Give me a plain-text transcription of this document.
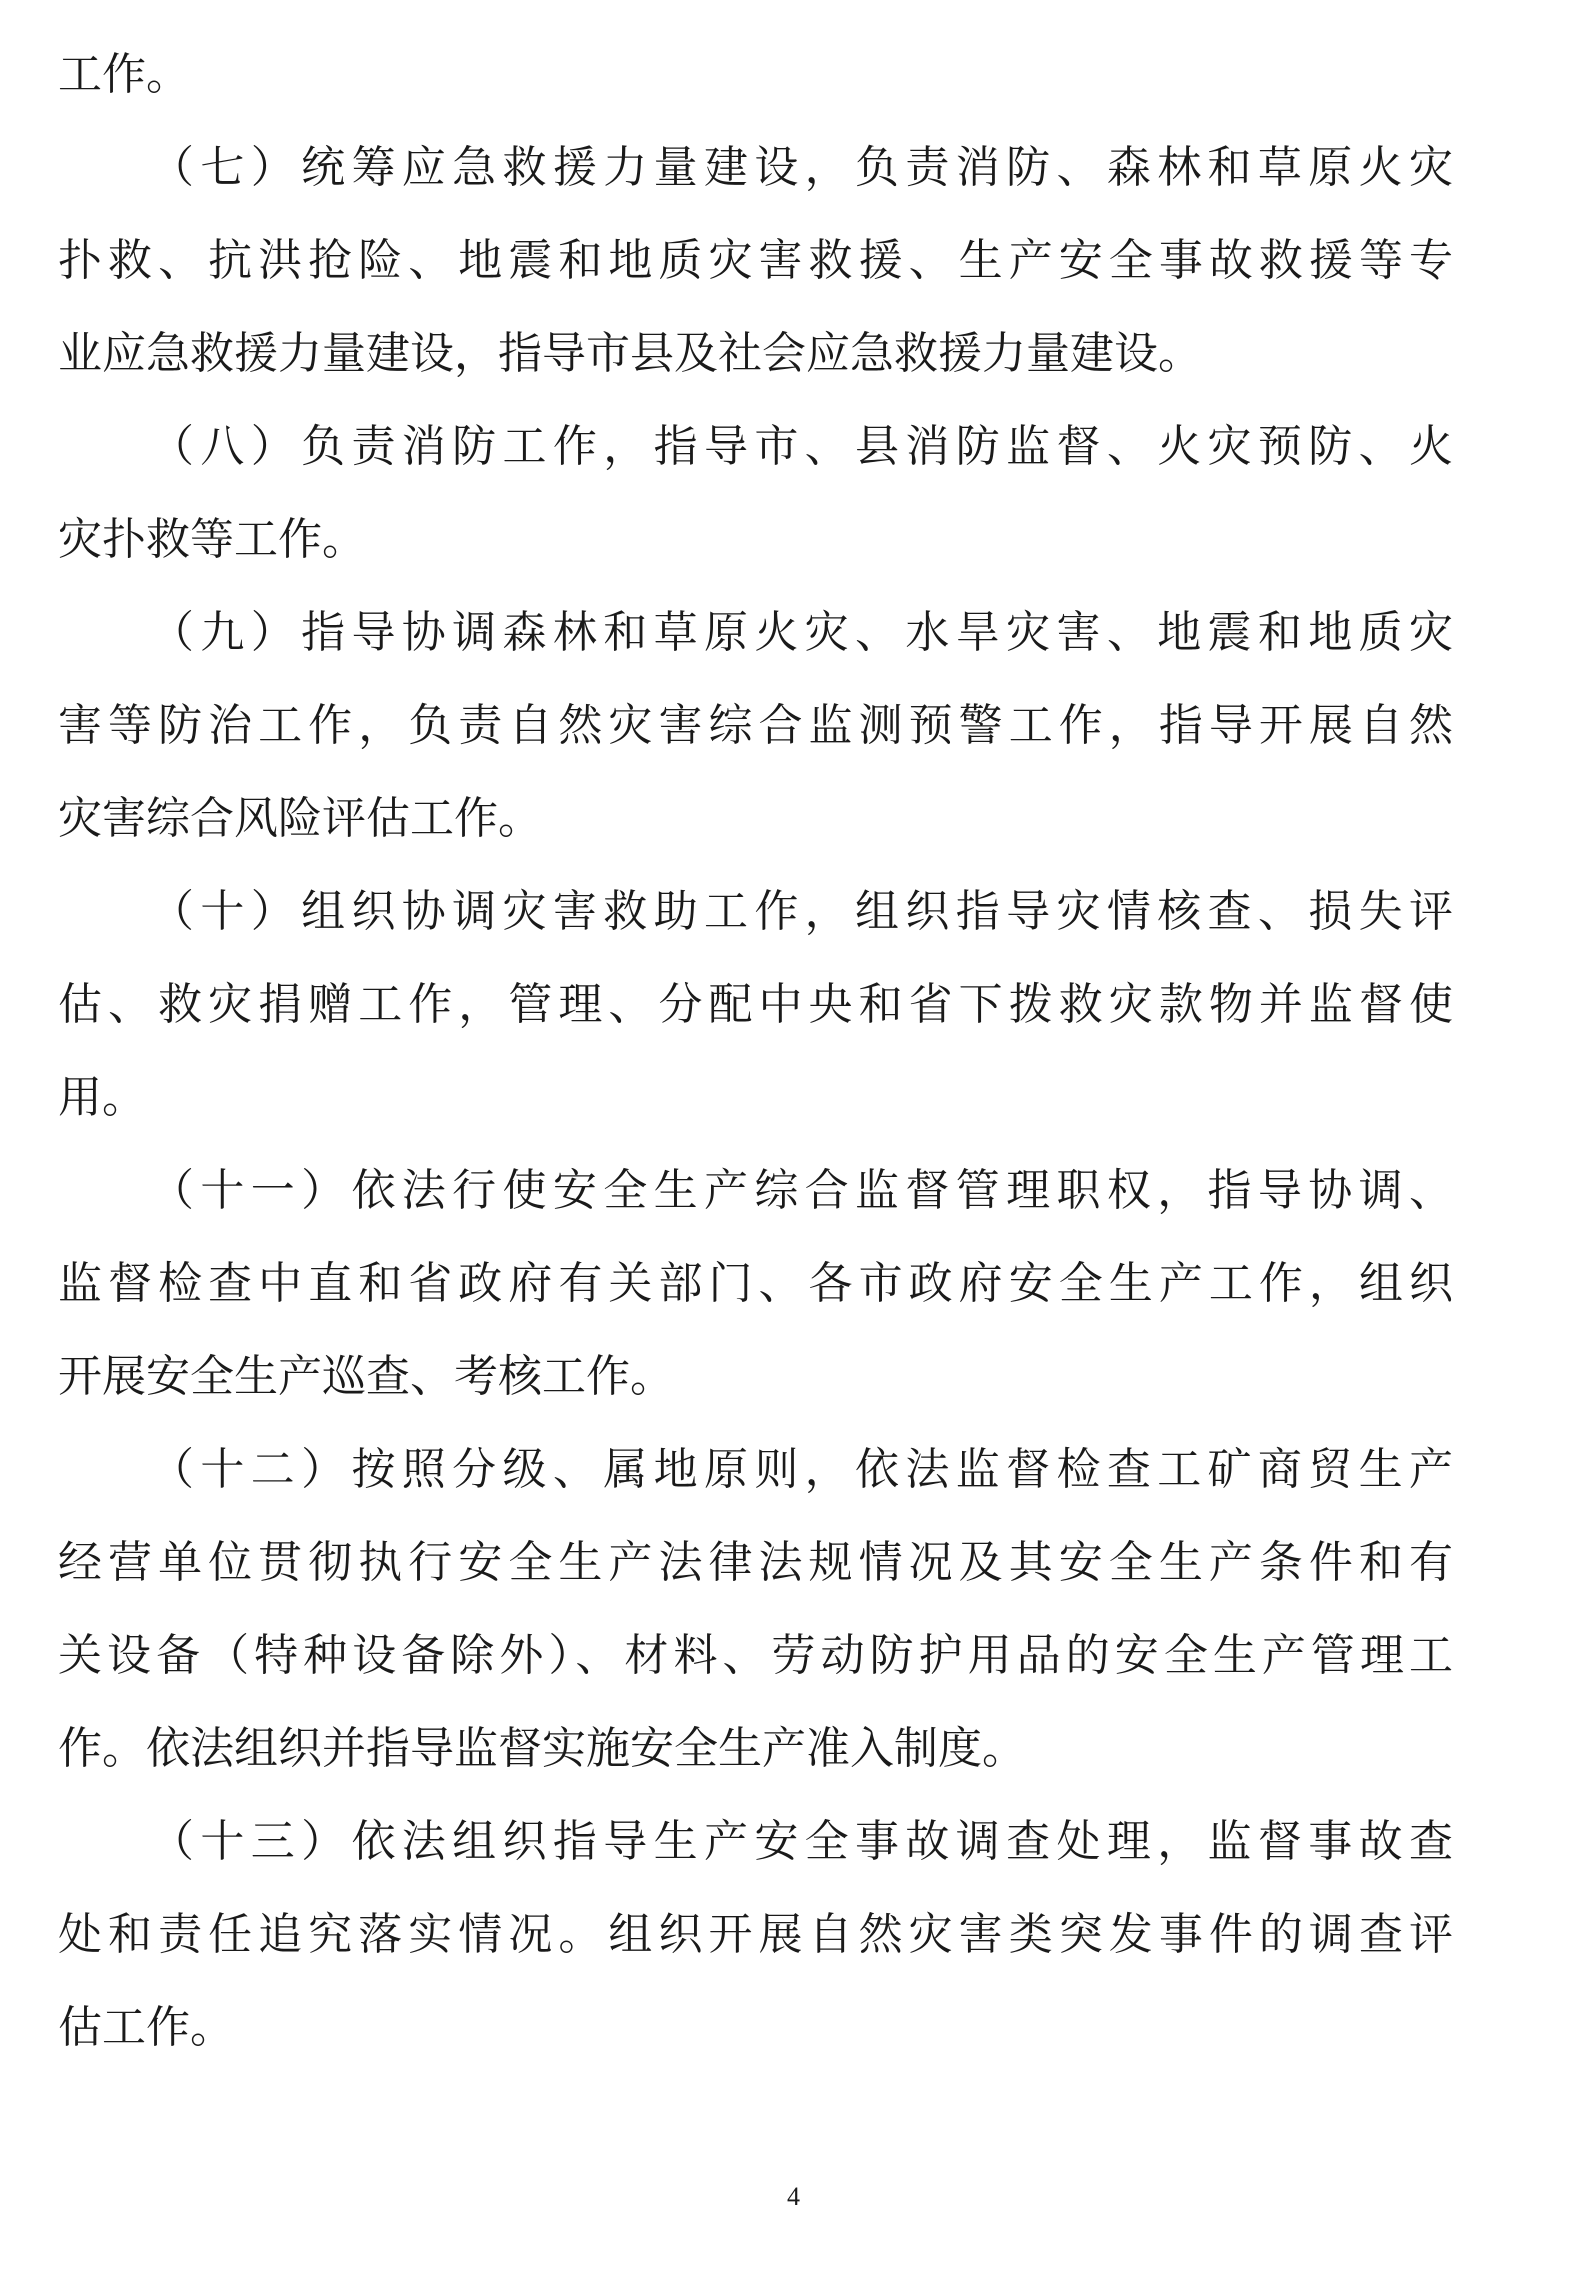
工作。
（七）统筹应急救援力量建设，负责消防、森林和草原火灾
扑救、抗洪抢险、地震和地质灾害救援、生产安全事故救援等专
业应急救援力量建设，指导市县及社会应急救援力量建设。
（八）负责消防工作，指导市、县消防监督、火灾预防、火
灾扑救等工作。
（九）指导协调森林和草原火灾、水旱灾害、地震和地质灾
害等防治工作，负责自然灾害综合监测预警工作，指导开展自然
灾害综合风险评估工作。
（十）组织协调灾害救助工作，组织指导灾情核查、损失评
估、救灾捐赠工作，管理、分配中央和省下拨救灾款物并监督使
用。
（十一）依法行使安全生产综合监督管理职权，指导协调、
监督检查中直和省政府有关部门、各市政府安全生产工作，组织
开展安全生产巡查、考核工作。
（十二）按照分级、属地原则，依法监督检查工矿商贸生产
经营单位贯彻执行安全生产法律法规情况及其安全生产条件和有
关设备（特种设备除外）、材料、劳动防护用品的安全生产管理工
作。依法组织并指导监督实施安全生产准入制度。
（十三）依法组织指导生产安全事故调查处理，监督事故查
处和责任追究落实情况。组织开展自然灾害类突发事件的调查评
估工作。
4
